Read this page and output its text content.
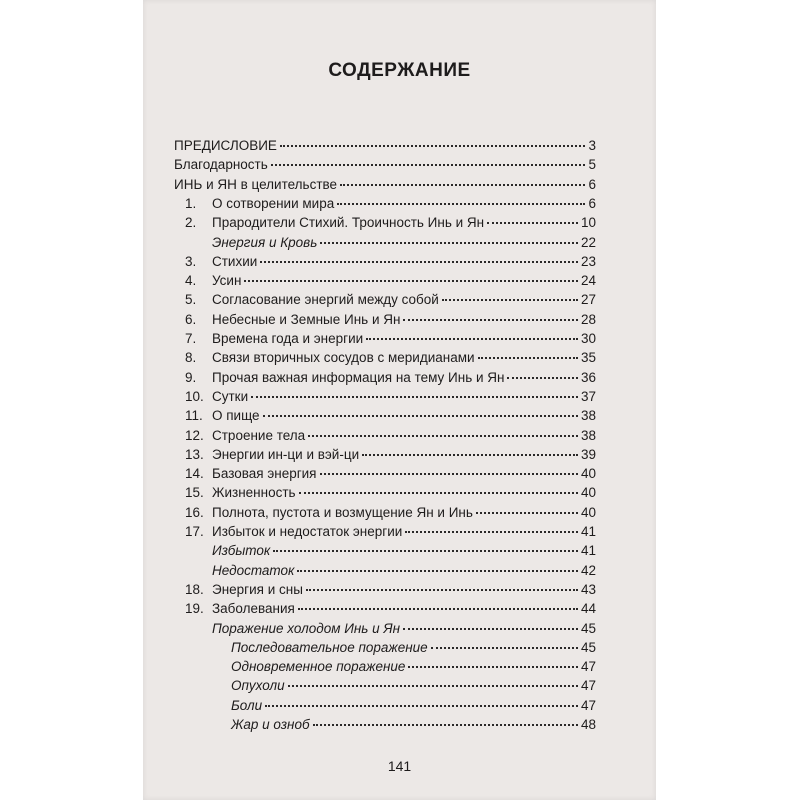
СОДЕРЖАНИЕ
ПРЕДИСЛОВИЕ	3
Благодарность	5
ИНЬ и ЯН в целительстве	6
1.	О сотворении мира	6
2.	Прародители Стихий. Троичность Инь и Ян	10
Энергия и Кровь	22
3.	Стихии	23
4.	Усин	24
5.	Согласование энергий между собой	27
6.	Небесные и Земные Инь и Ян	28
7.	Времена года и энергии	30
8.	Связи вторичных сосудов с меридианами	35
9.	Прочая важная информация на тему Инь и Ян	36
10. Сутки	37
11. О пище	38
12. Строение тела	38
13. Энергии ин-ци и вэй-ци	39
14. Базовая энергия	40
15. Жизненность	40
16. Полнота, пустота и возмущение Ян и Инь	40
17. Избыток и недостаток энергии	41
Избыток	41
Недостаток	42
18. Энергия и сны	43
19. Заболевания	44
Поражение холодом Инь и Ян	45
Последовательное поражение	45
Одновременное поражение	47
Опухоли	47
Боли	47
Жар и озноб	48
141
